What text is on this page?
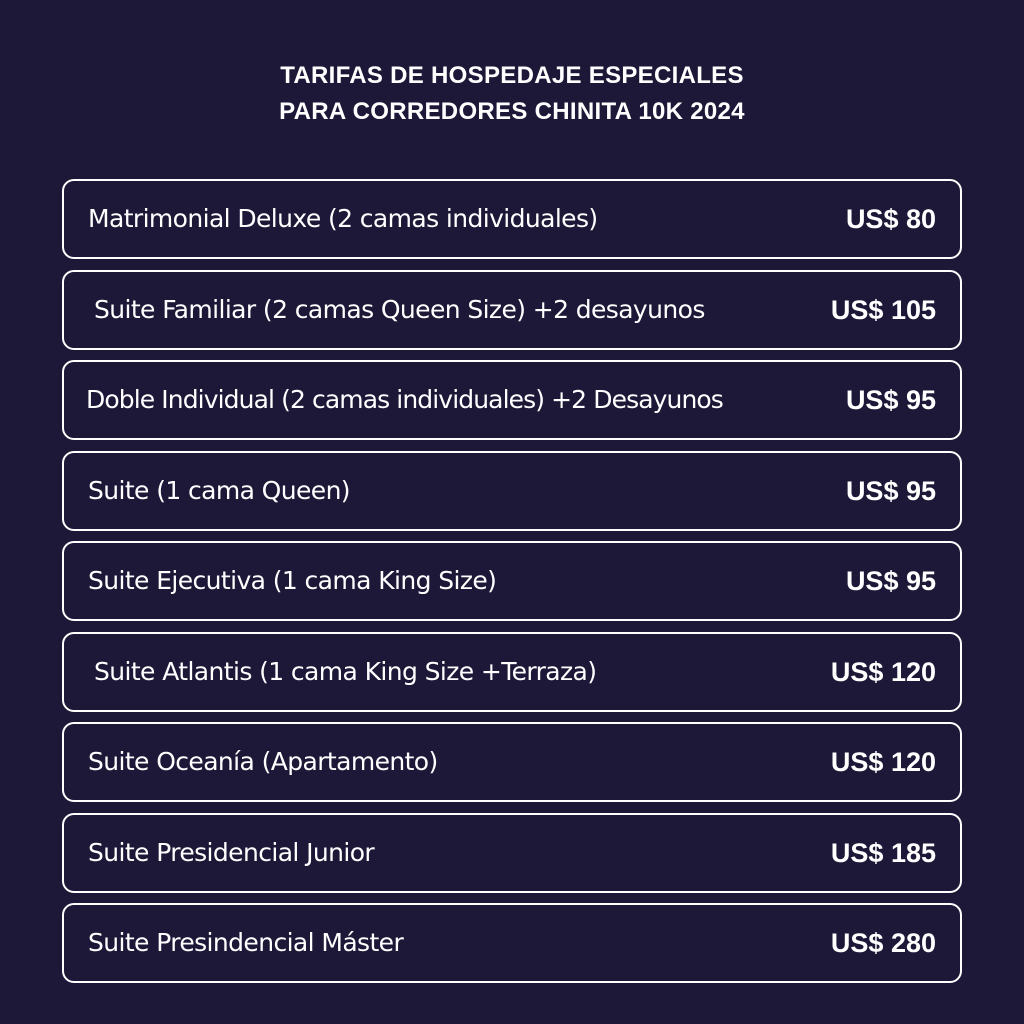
TARIFAS DE HOSPEDAJE ESPECIALES
PARA CORREDORES CHINITA 10K 2024
Matrimonial Deluxe (2 camas individuales)	US$ 80
Suite Familiar (2 camas Queen Size) +2 desayunos	US$ 105
Doble Individual (2 camas individuales) +2 Desayunos	US$ 95
Suite (1 cama Queen)	US$ 95
Suite Ejecutiva (1 cama King Size)	US$ 95
Suite Atlantis (1 cama King Size +Terraza)	US$ 120
Suite Oceanía (Apartamento)	US$ 120
Suite Presidencial Junior	US$ 185
Suite Presindencial Máster	US$ 280
